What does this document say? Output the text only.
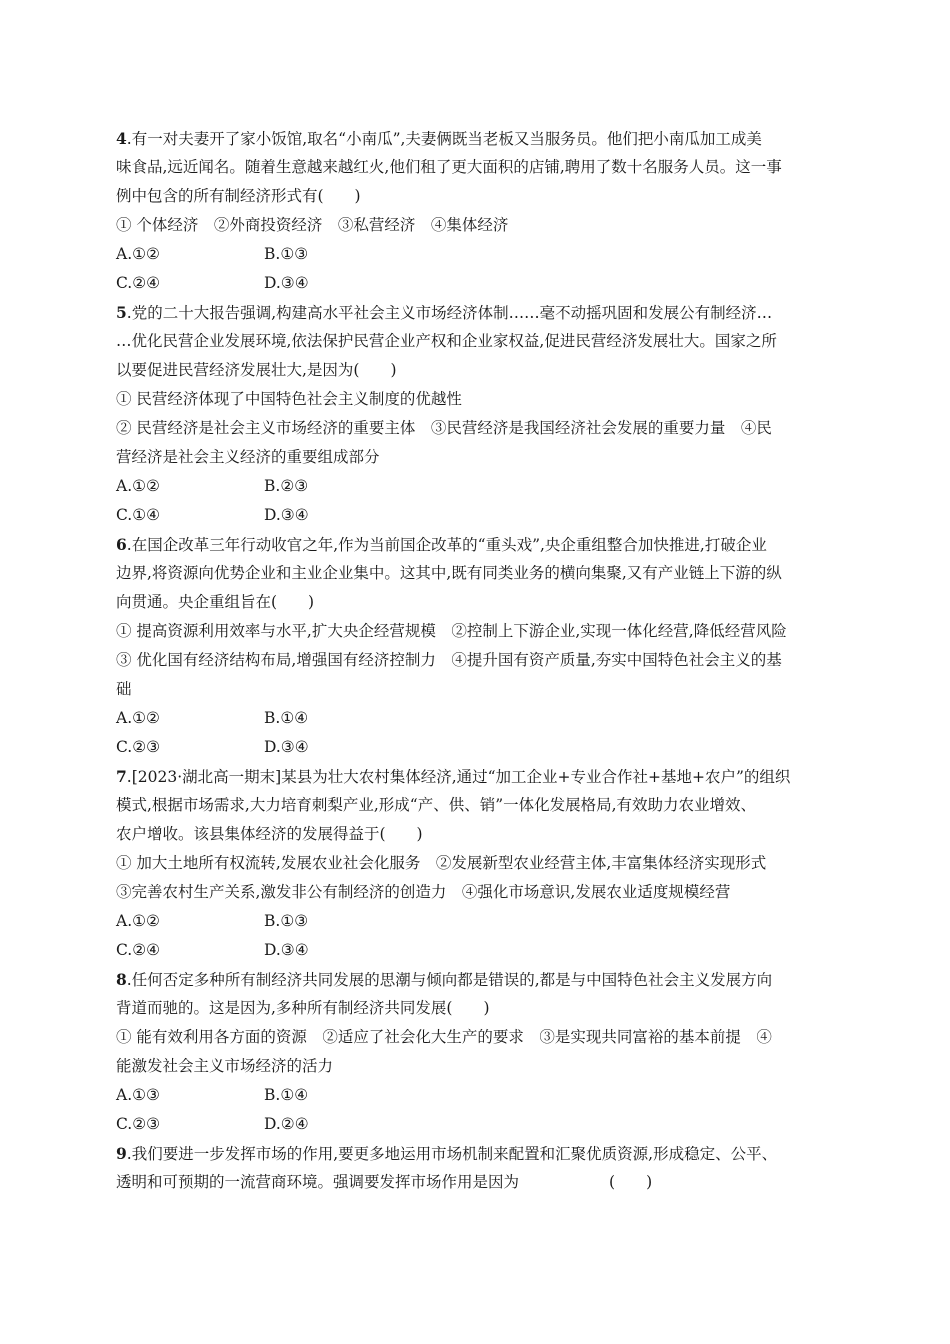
4.有一对夫妻开了家小饭馆,取名“小南瓜”,夫妻俩既当老板又当服务员。他们把小南瓜加工成美
味食品,远近闻名。随着生意越来越红火,他们租了更大面积的店铺,聘用了数十名服务人员。这一事
例中包含的所有制经济形式有(　　)
① 个体经济　②外商投资经济　③私营经济　④集体经济
A.①②	B.①③
C.②④	D.③④
5.党的二十大报告强调,构建高水平社会主义市场经济体制……毫不动摇巩固和发展公有制经济…
…优化民营企业发展环境,依法保护民营企业产权和企业家权益,促进民营经济发展壮大。国家之所
以要促进民营经济发展壮大,是因为(　　)
① 民营经济体现了中国特色社会主义制度的优越性
② 民营经济是社会主义市场经济的重要主体　③民营经济是我国经济社会发展的重要力量　④民
营经济是社会主义经济的重要组成部分
A.①②	B.②③
C.①④	D.③④
6.在国企改革三年行动收官之年,作为当前国企改革的“重头戏”,央企重组整合加快推进,打破企业
边界,将资源向优势企业和主业企业集中。这其中,既有同类业务的横向集聚,又有产业链上下游的纵
向贯通。央企重组旨在(　　)
① 提高资源利用效率与水平,扩大央企经营规模　②控制上下游企业,实现一体化经营,降低经营风险
③ 优化国有经济结构布局,增强国有经济控制力　④提升国有资产质量,夯实中国特色社会主义的基
础
A.①②	B.①④
C.②③	D.③④
7.[2023·湖北高一期末]某县为壮大农村集体经济,通过“加工企业+专业合作社+基地+农户”的组织
模式,根据市场需求,大力培育刺梨产业,形成“产、供、销”一体化发展格局,有效助力农业增效、
农户增收。该县集体经济的发展得益于(　　)
① 加大土地所有权流转,发展农业社会化服务　②发展新型农业经营主体,丰富集体经济实现形式
③完善农村生产关系,激发非公有制经济的创造力　④强化市场意识,发展农业适度规模经营
A.①②	B.①③
C.②④	D.③④
8.任何否定多种所有制经济共同发展的思潮与倾向都是错误的,都是与中国特色社会主义发展方向
背道而驰的。这是因为,多种所有制经济共同发展(　　)
① 能有效利用各方面的资源　②适应了社会化大生产的要求　③是实现共同富裕的基本前提　④
能激发社会主义市场经济的活力
A.①③	B.①④
C.②③	D.②④
9.我们要进一步发挥市场的作用,要更多地运用市场机制来配置和汇聚优质资源,形成稳定、公平、
透明和可预期的一流营商环境。强调要发挥市场作用是因为	(　　)
